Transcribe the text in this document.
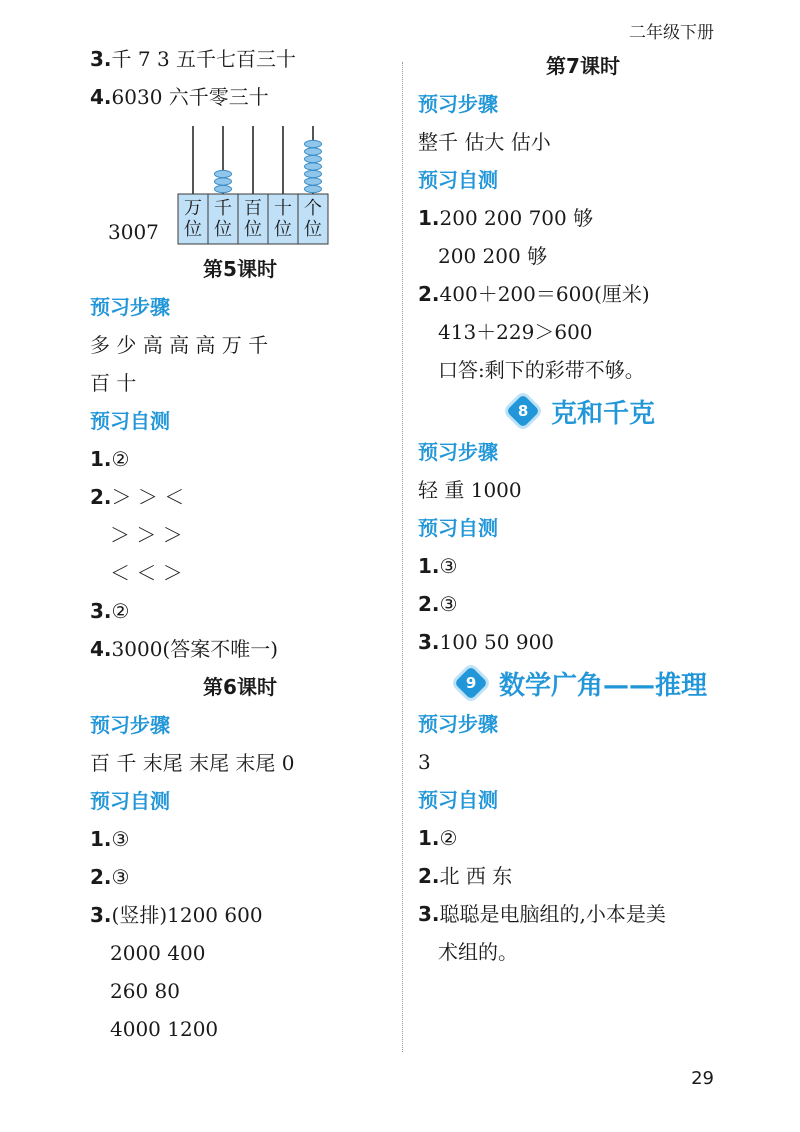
二年级下册
3.千 7 3 五千七百三十
4.6030 六千零三十
3007
万
位
千
位
百
位
十
位
个
位
第5课时
预习步骤
多 少 高 高 高 万 千
百 十
预习自测
1.②
2.＞ ＞ ＜
＞ ＞ ＞
＜ ＜ ＞
3.②
4.3000(答案不唯一)
第6课时
预习步骤
百 千 末尾 末尾 末尾 0
预习自测
1.③
2.③
3.(竖排)1200 600
2000 400
260 80
4000 1200
第7课时
预习步骤
整千 估大 估小
预习自测
1.200 200 700 够
200 200 够
2.400＋200＝600(厘米)
413＋229＞600
口答:剩下的彩带不够。
8 克和千克
预习步骤
轻 重 1000
预习自测
1.③
2.③
3.100 50 900
9 数学广角——推理
预习步骤
3
预习自测
1.②
2.北 西 东
3.聪聪是电脑组的,小本是美
术组的。
29
